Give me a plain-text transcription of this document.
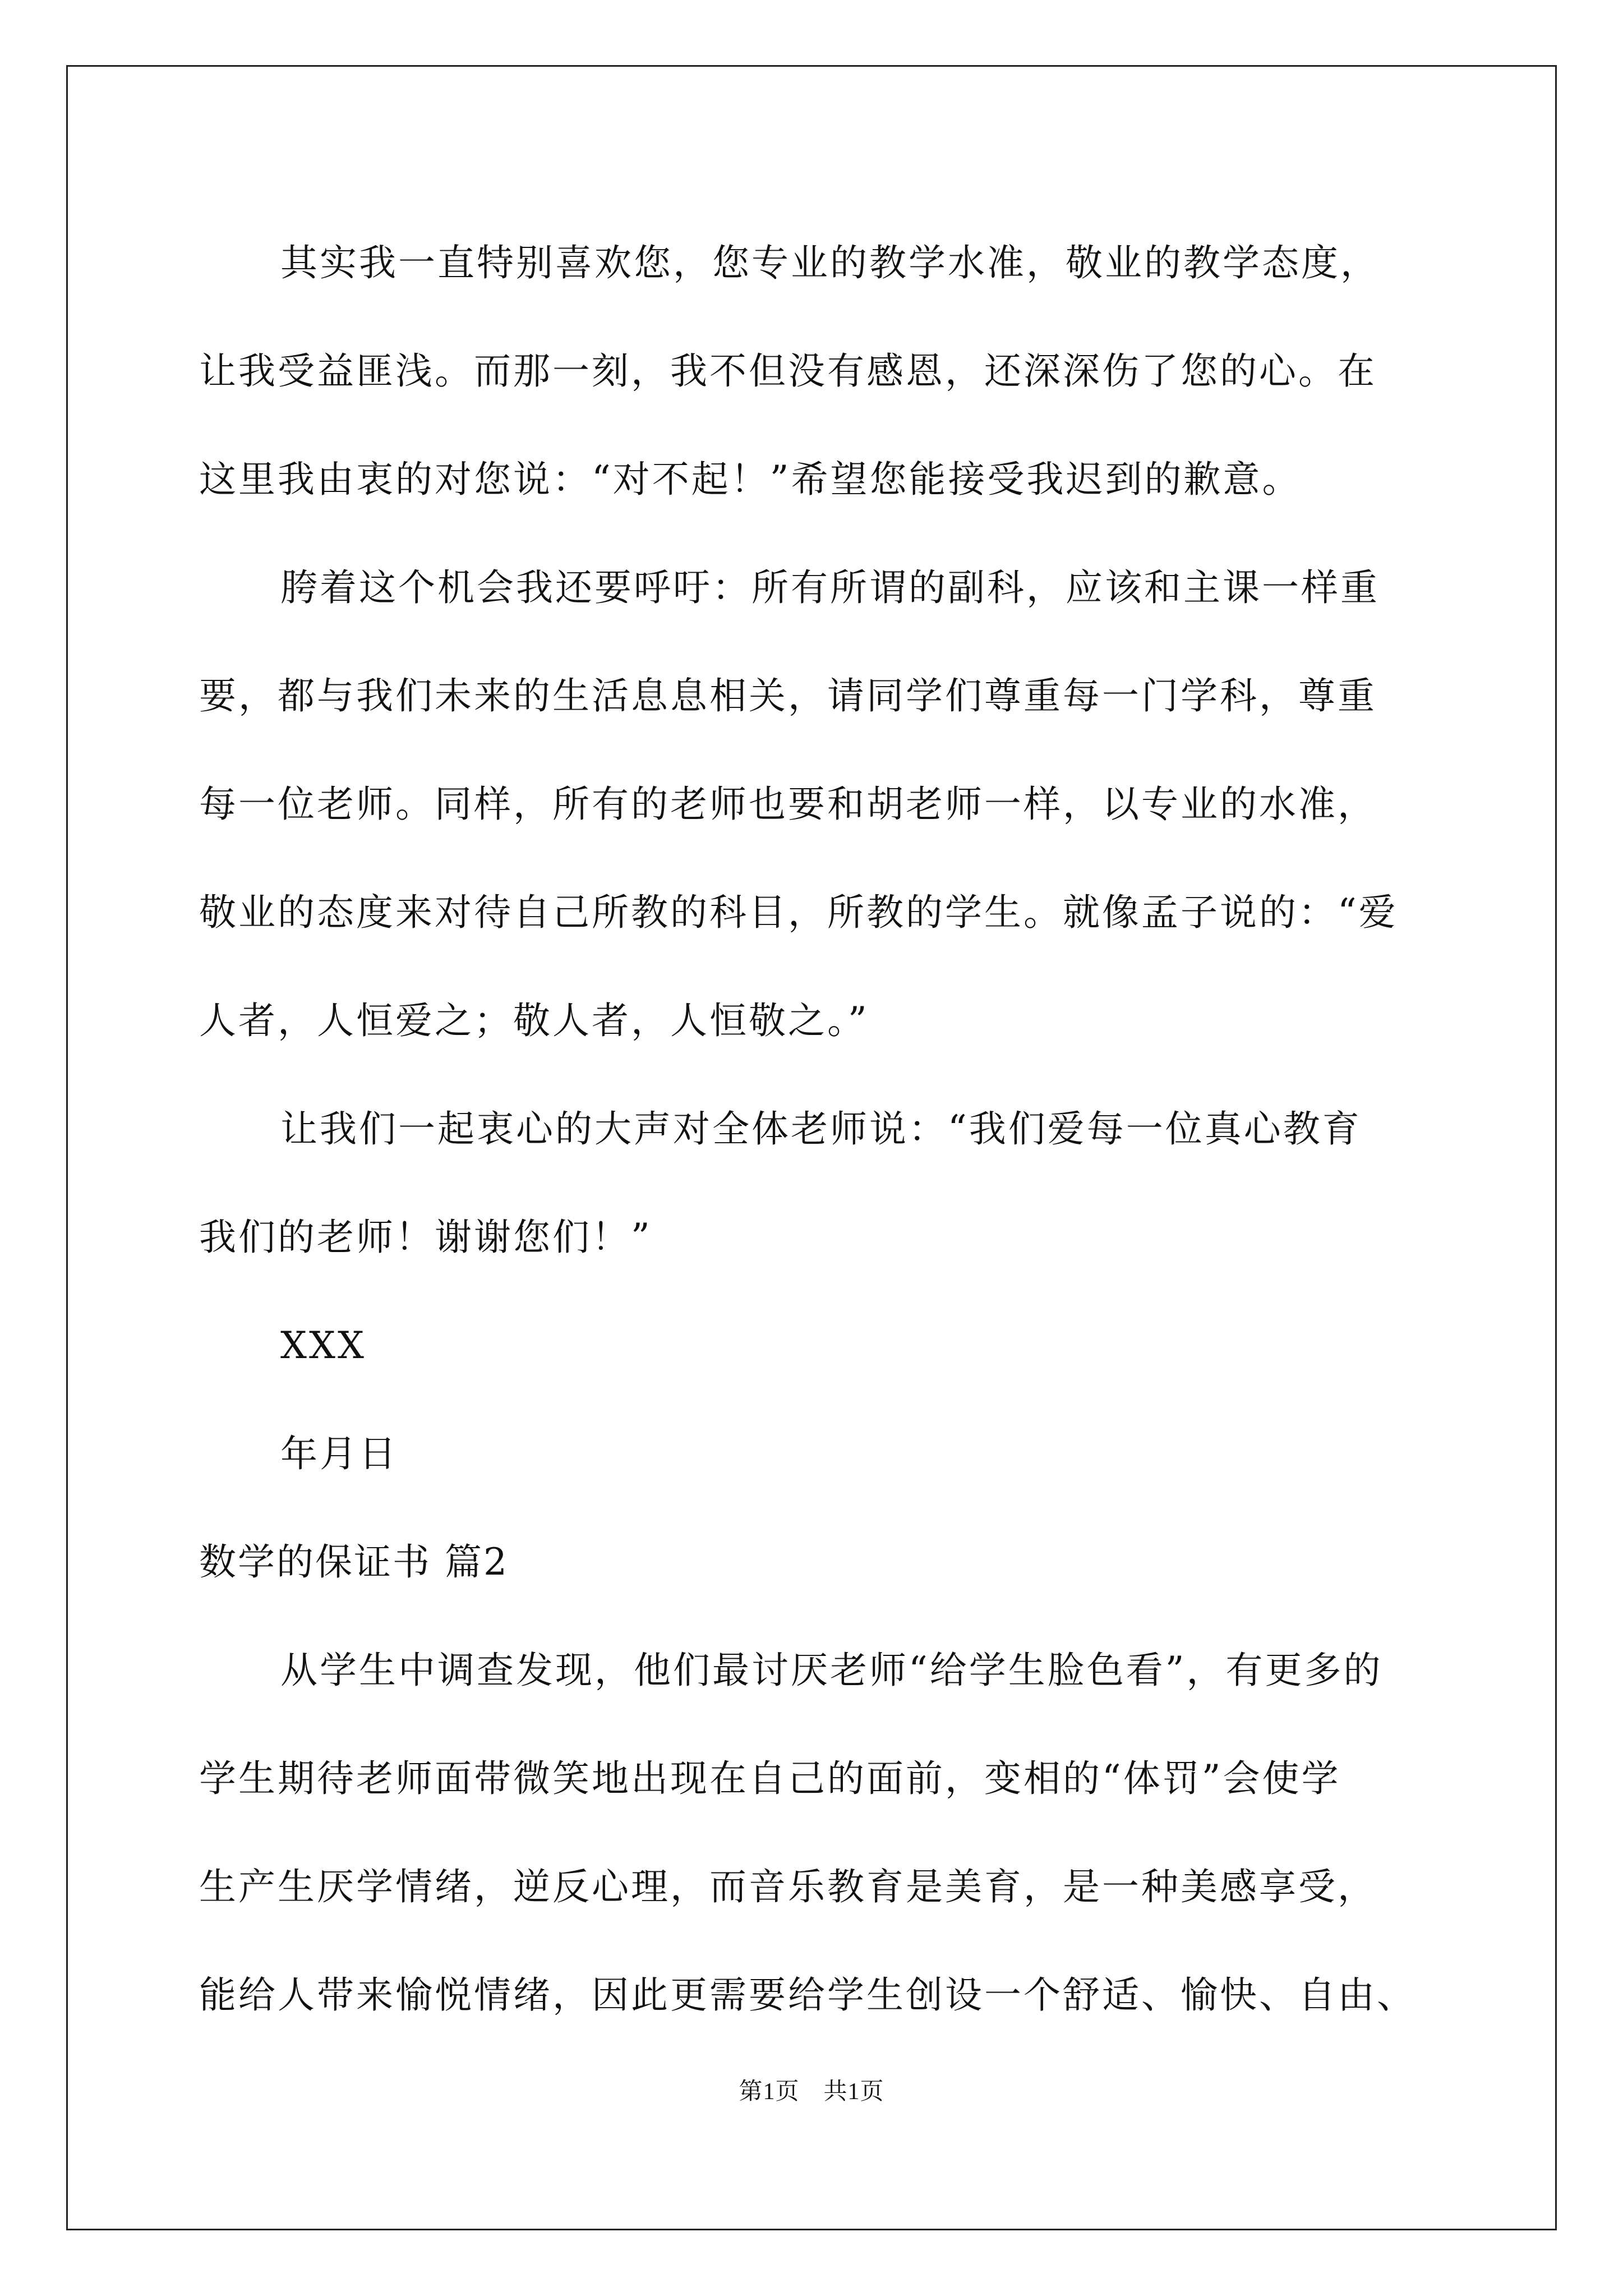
其实我一直特别喜欢您，您专业的教学水准，敬业的教学态度，
让我受益匪浅。而那一刻，我不但没有感恩，还深深伤了您的心。在
这里我由衷的对您说：“对不起！”希望您能接受我迟到的歉意。
胯着这个机会我还要呼吁：所有所谓的副科，应该和主课一样重
要，都与我们未来的生活息息相关，请同学们尊重每一门学科，尊重
每一位老师。同样，所有的老师也要和胡老师一样，以专业的水准，
敬业的态度来对待自己所教的科目，所教的学生。就像孟子说的：“爱
人者，人恒爱之；敬人者，人恒敬之。”
让我们一起衷心的大声对全体老师说：“我们爱每一位真心教育
我们的老师！谢谢您们！”
XXX
年月日
数学的保证书 篇2
从学生中调查发现，他们最讨厌老师“给学生脸色看”，有更多的
学生期待老师面带微笑地出现在自己的面前，变相的“体罚”会使学
生产生厌学情绪，逆反心理，而音乐教育是美育，是一种美感享受，
能给人带来愉悦情绪，因此更需要给学生创设一个舒适、愉快、自由、
第1页　共1页
